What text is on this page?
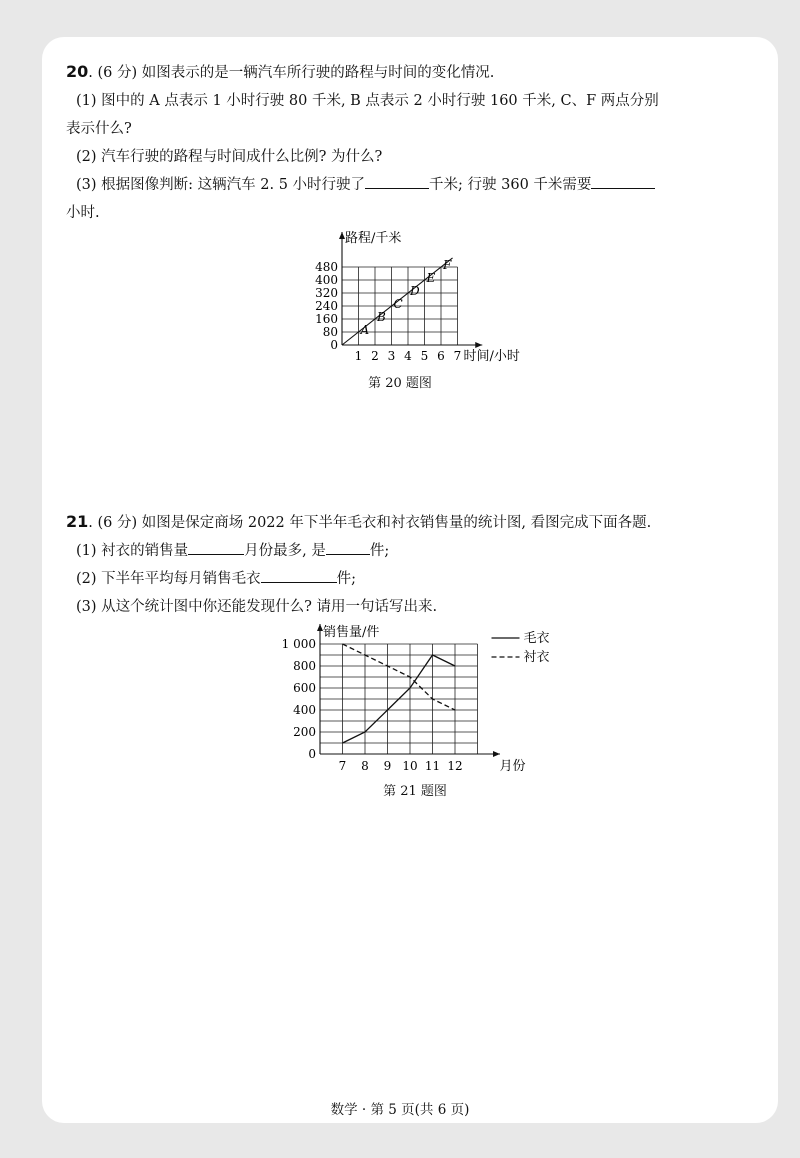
20. (6 分) 如图表示的是一辆汽车所行驶的路程与时间的变化情况.
(1) 图中的 A 点表示 1 小时行驶 80 千米, B 点表示 2 小时行驶 160 千米, C、F 两点分别
表示什么?
(2) 汽车行驶的路程与时间成什么比例? 为什么?
(3) 根据图像判断: 这辆汽车 2. 5 小时行驶了	千米; 行驶 360 千米需要
小时.
1 2 3 4 5 6 7
0
80
160
240
320
400
480
路程/千米
时间/小时
A
B
C
D
E
F
第 20 题图
21. (6 分) 如图是保定商场 2022 年下半年毛衣和衬衣销售量的统计图, 看图完成下面各题.
(1) 衬衣的销售量	月份最多, 是	件;
(2) 下半年平均每月销售毛衣	件;
(3) 从这个统计图中你还能发现什么? 请用一句话写出来.
7 8 9 10 11 12
0
200
400
600
800
1 000
销售量/件
月份
毛衣
衬衣
第 21 题图
数学 · 第 5 页(共 6 页)
